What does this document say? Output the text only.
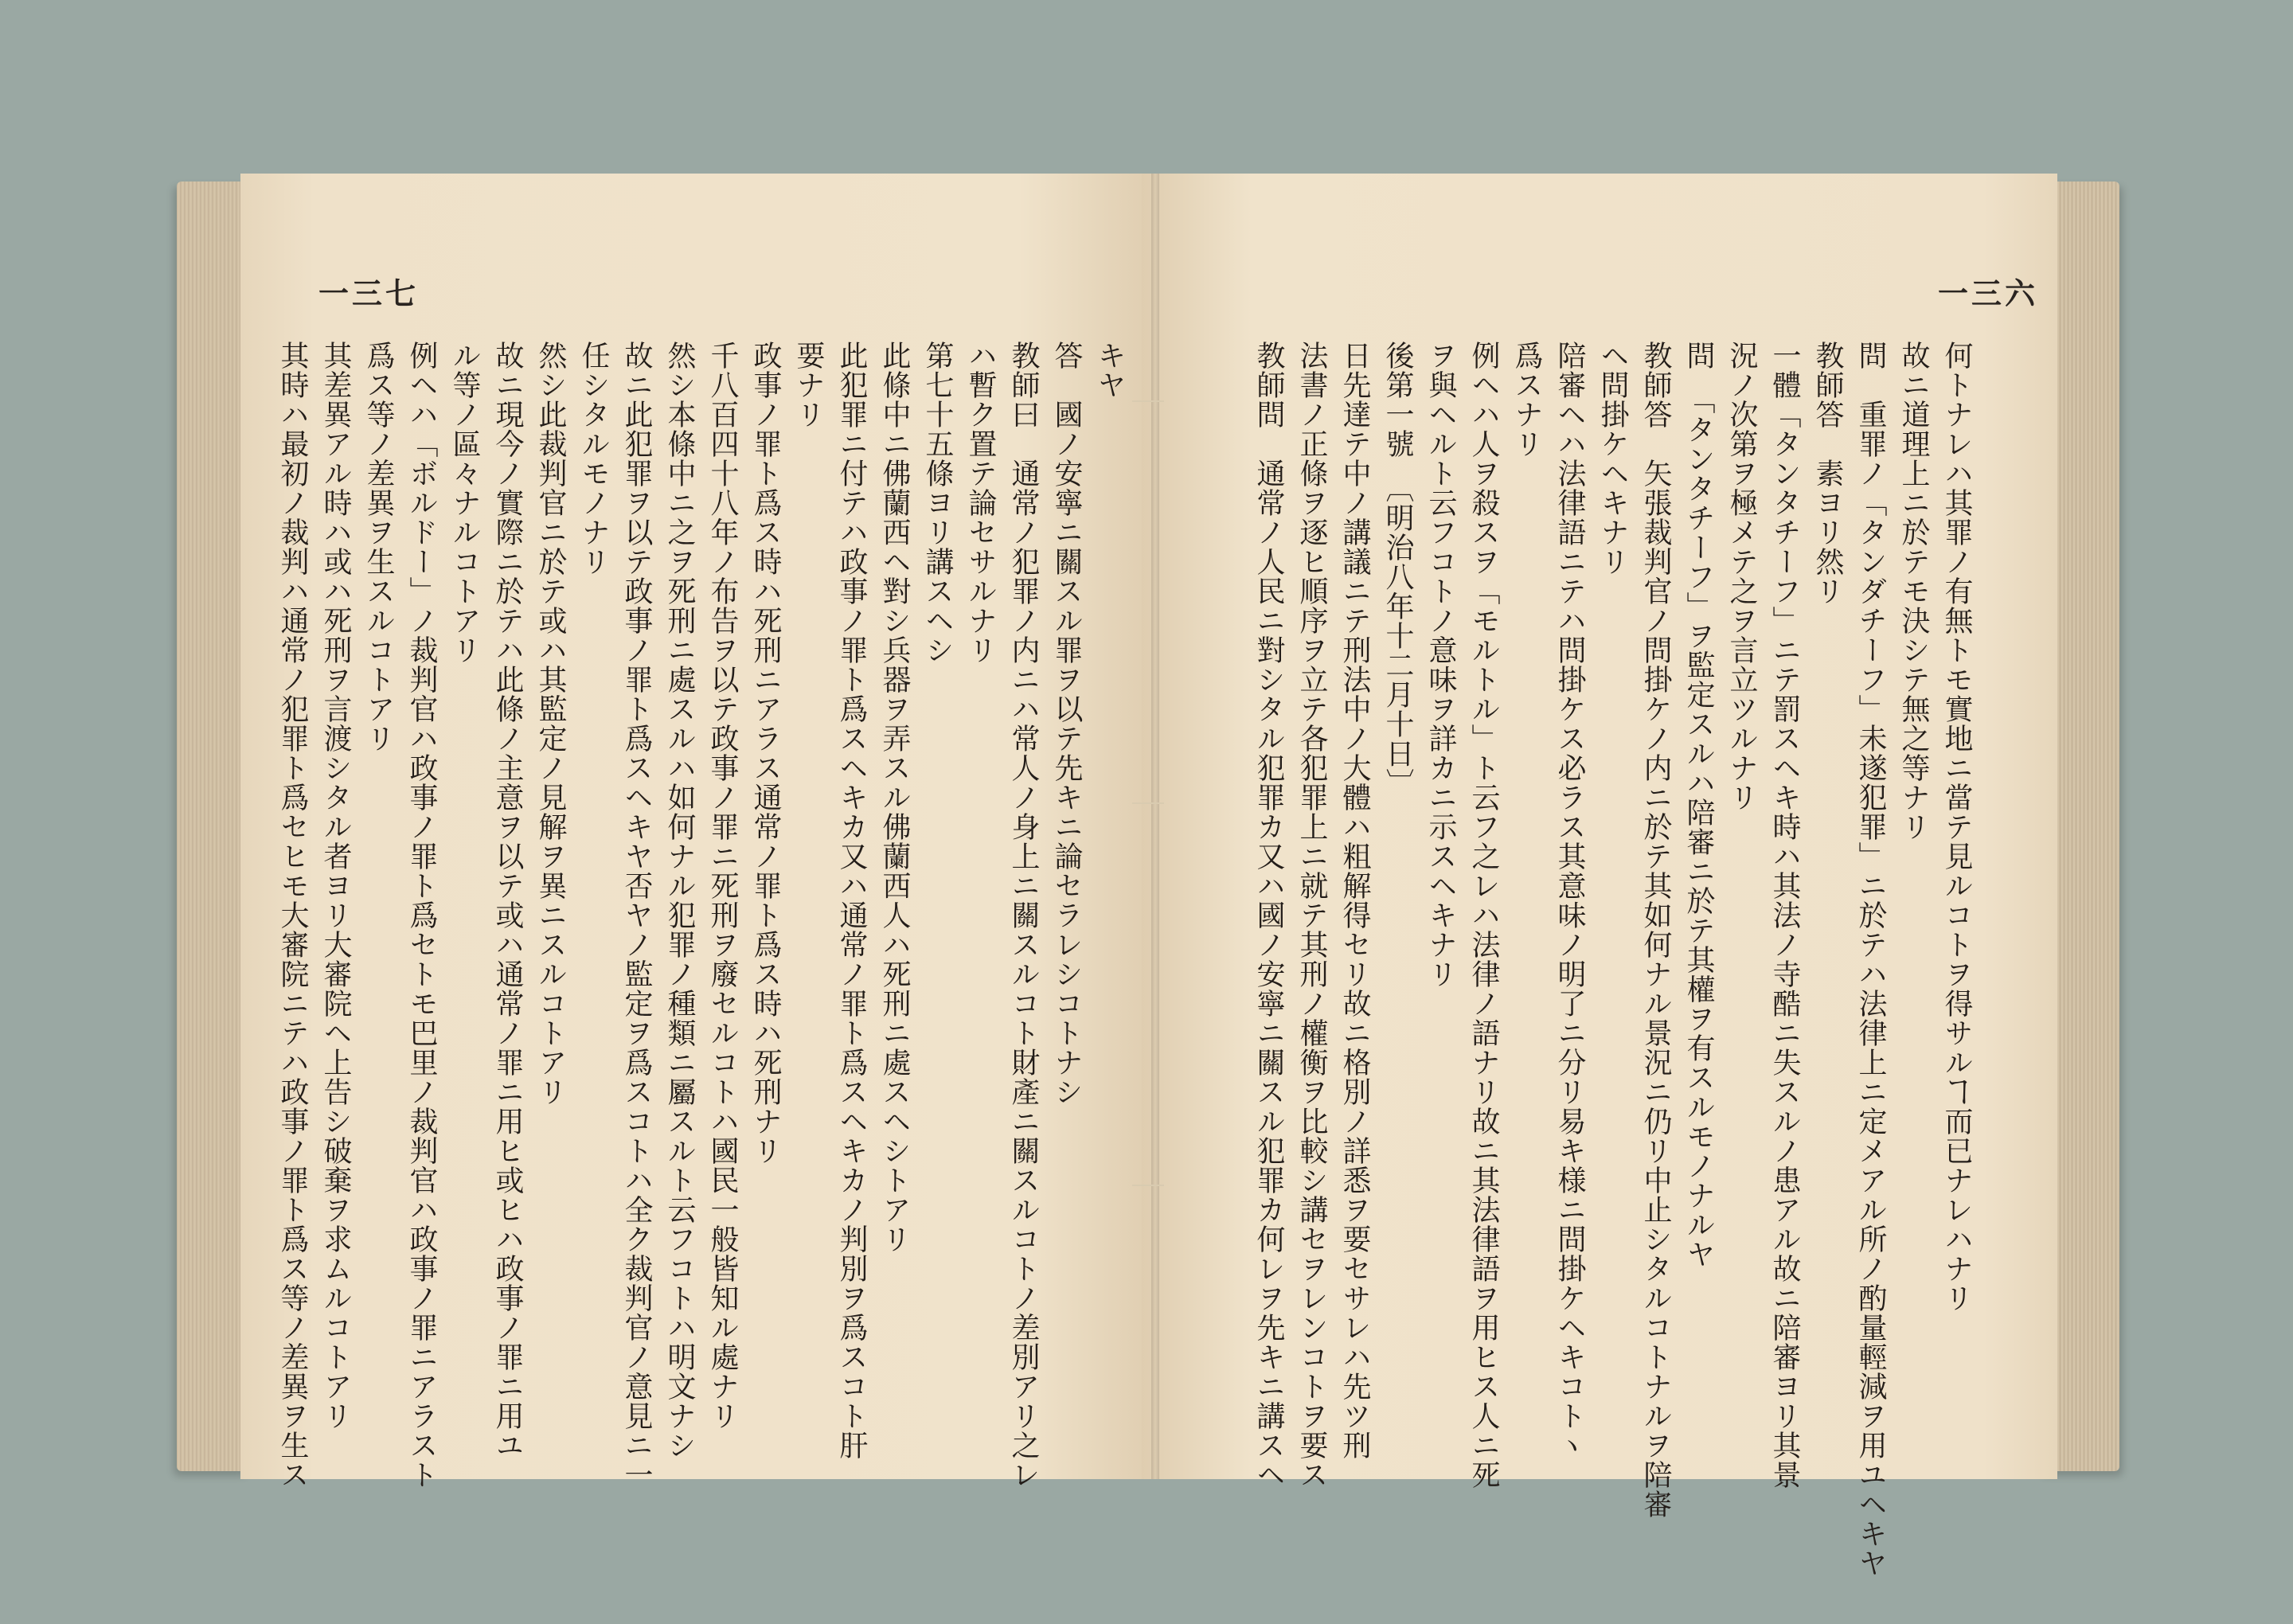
一三七
キヤ
答　國ノ安寧ニ關スル罪ヲ以テ先キニ論セラレシコトナシ
教師曰　通常ノ犯罪ノ内ニハ常人ノ身上ニ關スルコト財產ニ關スルコトノ差別アリ之レ
ハ暫ク置テ論セサルナリ
第七十五條ヨリ講スヘシ
此條中ニ佛蘭西ヘ對シ兵器ヲ弄スル佛蘭西人ハ死刑ニ處スヘシトアリ
此犯罪ニ付テハ政事ノ罪ト爲スヘキカ又ハ通常ノ罪ト爲スヘキカノ判別ヲ爲スコト肝
要ナリ
政事ノ罪ト爲ス時ハ死刑ニアラス通常ノ罪ト爲ス時ハ死刑ナリ
千八百四十八年ノ布告ヲ以テ政事ノ罪ニ死刑ヲ廢セルコトハ國民一般皆知ル處ナリ
然シ本條中ニ之ヲ死刑ニ處スルハ如何ナル犯罪ノ種類ニ屬スルト云フコトハ明文ナシ
故ニ此犯罪ヲ以テ政事ノ罪ト爲スヘキヤ否ヤノ監定ヲ爲スコトハ全ク裁判官ノ意見ニ一
任シタルモノナリ
然シ此裁判官ニ於テ或ハ其監定ノ見解ヲ異ニスルコトアリ
故ニ現今ノ實際ニ於テハ此條ノ主意ヲ以テ或ハ通常ノ罪ニ用ヒ或ヒハ政事ノ罪ニ用ユ
ル等ノ區々ナルコトアリ
例ヘハ「ボルドー」ノ裁判官ハ政事ノ罪ト爲セトモ巴里ノ裁判官ハ政事ノ罪ニアラスト
爲ス等ノ差異ヲ生スルコトアリ
其差異アル時ハ或ハ死刑ヲ言渡シタル者ヨリ大審院ヘ上告シ破棄ヲ求ムルコトアリ
其時ハ最初ノ裁判ハ通常ノ犯罪ト爲セヒモ大審院ニテハ政事ノ罪ト爲ス等ノ差異ヲ生ス
一三六
何トナレハ其罪ノ有無トモ實地ニ當テ見ルコトヲ得サルヿ而已ナレハナリ
故ニ道理上ニ於テモ決シテ無之等ナリ
問　重罪ノ「タンダチーフ」未遂犯罪」ニ於テハ法律上ニ定メアル所ノ酌量輕減ヲ用ユヘキヤ
教師答　素ヨリ然リ
一體「タンタチーフ」ニテ罰スヘキ時ハ其法ノ寺酷ニ失スルノ患アル故ニ陪審ヨリ其景
況ノ次第ヲ極メテ之ヲ言立ツルナリ
問　「タンタチーフ」ヲ監定スルハ陪審ニ於テ其權ヲ有スルモノナルヤ
教師答　矢張裁判官ノ問掛ケノ内ニ於テ其如何ナル景況ニ仍リ中止シタルコトナルヲ陪審
ヘ問掛ケヘキナリ
陪審ヘハ法律語ニテハ問掛ケス必ラス其意味ノ明了ニ分リ易キ様ニ問掛ケヘキコトヽ
爲スナリ
例ヘハ人ヲ殺スヲ「モルトル」ト云フ之レハ法律ノ語ナリ故ニ其法律語ヲ用ヒス人ニ死
ヲ與ヘルト云フコトノ意味ヲ詳カニ示スヘキナリ
後第一號　〔明治八年十二月十日〕
日先達テ中ノ講議ニテ刑法中ノ大體ハ粗解得セリ故ニ格別ノ詳悉ヲ要セサレハ先ツ刑
法書ノ正條ヲ逐ヒ順序ヲ立テ各犯罪上ニ就テ其刑ノ權衡ヲ比較シ講セヲレンコトヲ要ス
教師問　通常ノ人民ニ對シタル犯罪カ又ハ國ノ安寧ニ關スル犯罪カ何レヲ先キニ講スヘ
